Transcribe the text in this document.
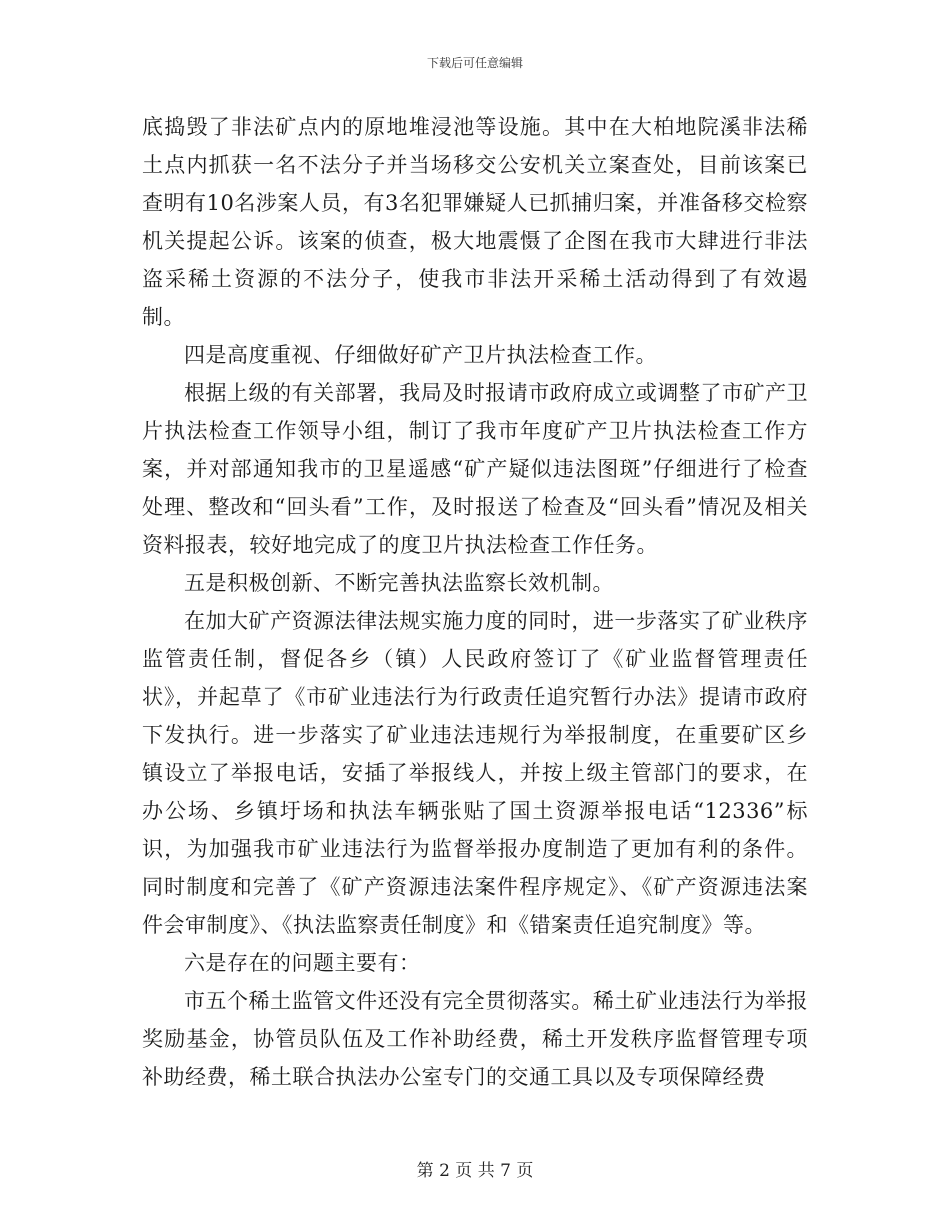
下载后可任意编辑

底捣毁了非法矿点内的原地堆浸池等设施。其中在大柏地院溪非法稀土点内抓获一名不法分子并当场移交公安机关立案查处，目前该案已查明有10名涉案人员，有3名犯罪嫌疑人已抓捕归案，并准备移交检察机关提起公诉。该案的侦查，极大地震慑了企图在我市大肆进行非法盗采稀土资源的不法分子，使我市非法开采稀土活动得到了有效遏制。

四是高度重视、仔细做好矿产卫片执法检查工作。

根据上级的有关部署，我局及时报请市政府成立或调整了市矿产卫片执法检查工作领导小组，制订了我市年度矿产卫片执法检查工作方案，并对部通知我市的卫星遥感“矿产疑似违法图斑”仔细进行了检查处理、整改和“回头看”工作，及时报送了检查及“回头看”情况及相关资料报表，较好地完成了的度卫片执法检查工作任务。

五是积极创新、不断完善执法监察长效机制。

在加大矿产资源法律法规实施力度的同时，进一步落实了矿业秩序监管责任制，督促各乡（镇）人民政府签订了《矿业监督管理责任状》，并起草了《市矿业违法行为行政责任追究暂行办法》提请市政府下发执行。进一步落实了矿业违法违规行为举报制度，在重要矿区乡镇设立了举报电话，安插了举报线人，并按上级主管部门的要求，在办公场、乡镇圩场和执法车辆张贴了国土资源举报电话“12336”标识，为加强我市矿业违法行为监督举报办度制造了更加有利的条件。同时制度和完善了《矿产资源违法案件程序规定》、《矿产资源违法案件会审制度》、《执法监察责任制度》和《错案责任追究制度》等。

六是存在的问题主要有：

市五个稀土监管文件还没有完全贯彻落实。稀土矿业违法行为举报奖励基金，协管员队伍及工作补助经费，稀土开发秩序监督管理专项补助经费，稀土联合执法办公室专门的交通工具以及专项保障经费

第 2 页 共 7 页
